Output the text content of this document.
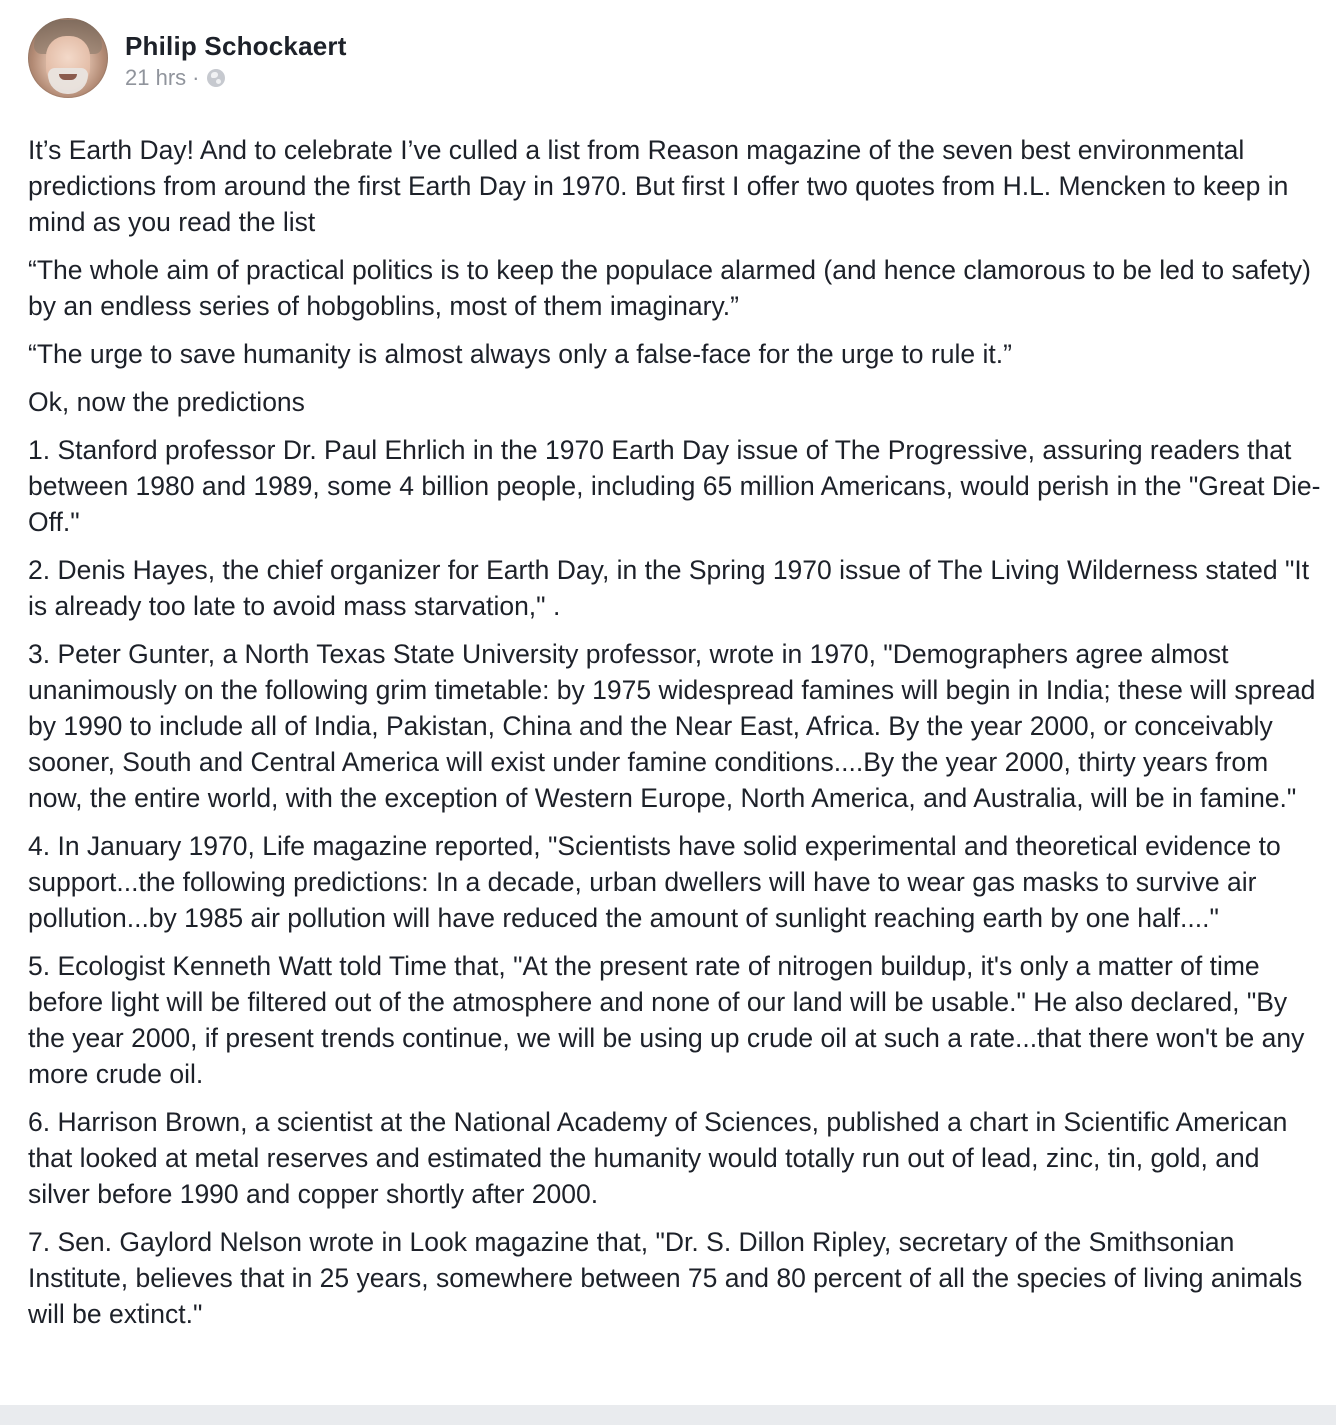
Philip Schockaert
21 hrs ·

It’s Earth Day! And to celebrate I’ve culled a list from Reason magazine of the seven best environmental predictions from around the first Earth Day in 1970. But first I offer two quotes from H.L. Mencken to keep in mind as you read the list

“The whole aim of practical politics is to keep the populace alarmed (and hence clamorous to be led to safety) by an endless series of hobgoblins, most of them imaginary.”

“The urge to save humanity is almost always only a false-face for the urge to rule it.”

Ok, now the predictions

1. Stanford professor Dr. Paul Ehrlich in the 1970 Earth Day issue of The Progressive, assuring readers that between 1980 and 1989, some 4 billion people, including 65 million Americans, would perish in the "Great Die-Off."

2. Denis Hayes, the chief organizer for Earth Day, in the Spring 1970 issue of The Living Wilderness stated "It is already too late to avoid mass starvation," .

3. Peter Gunter, a North Texas State University professor, wrote in 1970, "Demographers agree almost unanimously on the following grim timetable: by 1975 widespread famines will begin in India; these will spread by 1990 to include all of India, Pakistan, China and the Near East, Africa. By the year 2000, or conceivably sooner, South and Central America will exist under famine conditions....By the year 2000, thirty years from now, the entire world, with the exception of Western Europe, North America, and Australia, will be in famine."

4. In January 1970, Life magazine reported, "Scientists have solid experimental and theoretical evidence to support...the following predictions: In a decade, urban dwellers will have to wear gas masks to survive air pollution...by 1985 air pollution will have reduced the amount of sunlight reaching earth by one half...."

5. Ecologist Kenneth Watt told Time that, "At the present rate of nitrogen buildup, it's only a matter of time before light will be filtered out of the atmosphere and none of our land will be usable." He also declared, "By the year 2000, if present trends continue, we will be using up crude oil at such a rate...that there won't be any more crude oil.

6. Harrison Brown, a scientist at the National Academy of Sciences, published a chart in Scientific American that looked at metal reserves and estimated the humanity would totally run out of lead, zinc, tin, gold, and silver before 1990 and copper shortly after 2000.

7. Sen. Gaylord Nelson wrote in Look magazine that, "Dr. S. Dillon Ripley, secretary of the Smithsonian Institute, believes that in 25 years, somewhere between 75 and 80 percent of all the species of living animals will be extinct."
